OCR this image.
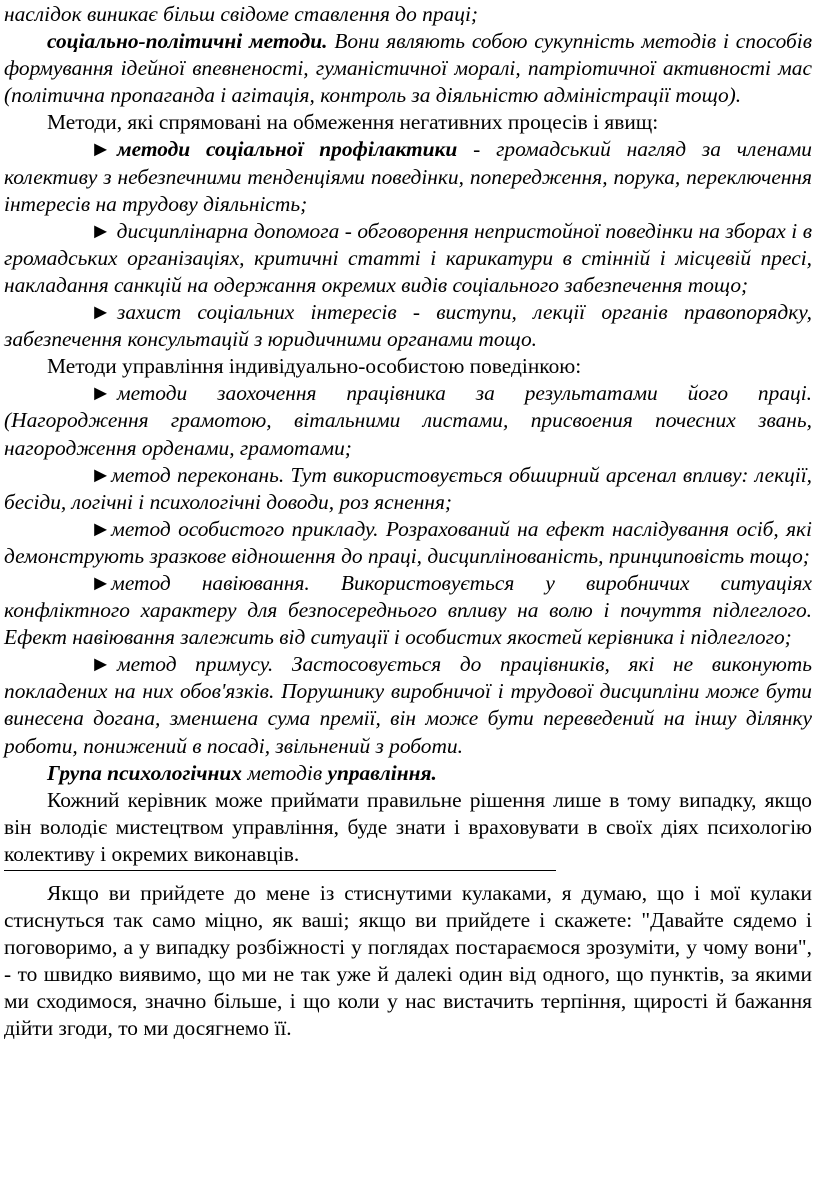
наслідок виникає більш свідоме ставлення до праці;

соціально-політичні методи. Вони являють собою сукупність методів і способів формування ідейної впевненості, гуманістичної моралі, патріотичної активності мас (політична пропаганда і агітація, контроль за діяльністю адміністрації тощо).

Методи, які спрямовані на обмеження негативних процесів і явищ:

► методи соціальної профілактики - громадський нагляд за членами колективу з небезпечними тенденціями поведінки, попередження, порука, переключення інтересів на трудову діяльність;

► дисциплінарна допомога - обговорення непристойної поведінки на зборах і в громадських організаціях, критичні статті і карикатури в стінній і місцевій пресі, накладання санкцій на одержання окремих видів соціального забезпечення тощо;

► захист соціальних інтересів - виступи, лекції органів правопорядку, забезпечення консультацій з юридичними органами тощо.

Методи управління індивідуально-особистою поведінкою:

► методи заохочення працівника за результатами його праці. (Нагородження грамотою, вітальними листами, присвоения почесних звань, нагородження орденами, грамотами;

►метод переконань. Тут використовується обширний арсенал впливу: лекції, бесіди, логічні і психологічні доводи, роз яснення;

►метод особистого прикладу. Розрахований на ефект наслідування осіб, які демонструють зразкове відношення до праці, дисциплінованість, принциповість тощо;

►метод навіювання. Використовується у виробничих ситуаціях конфліктного характеру для безпосереднього впливу на волю і почуття підлеглого. Ефект навіювання залежить від ситуації і особистих якостей керівника і підлеглого;

► метод примусу. Застосовується до працівників, які не виконують покладених на них обов'язків. Порушнику виробничої і трудової дисципліни може бути винесена догана, зменшена сума премії, він може бути переведений на іншу ділянку роботи, понижений в посаді, звільнений з роботи.

Група психологічних методів управління.

Кожний керівник може приймати правильне рішення лише в тому випадку, якщо він володіє мистецтвом управління, буде знати і враховувати в своїх діях психологію колективу і окремих виконавців.

Якщо ви прийдете до мене із стиснутими кулаками, я думаю, що і мої кулаки стиснуться так само міцно, як ваші; якщо ви прийдете і скажете: "Давайте сядемо і поговоримо, а у випадку розбіжності у поглядах постараємося зрозуміти, у чому вони", - то швидко виявимо, що ми не так уже й далекі один від одного, що пунктів, за якими ми сходимося, значно більше, і що коли у нас вистачить терпіння, щирості й бажання дійти згоди, то ми досягнемо її.
